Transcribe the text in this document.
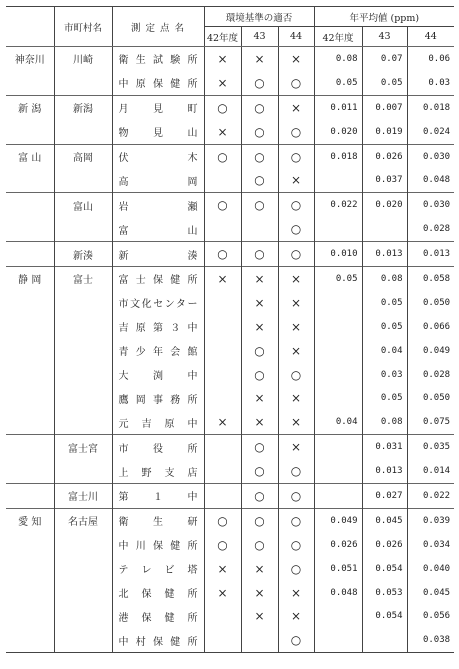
	市町村名	測 定 点 名	環境基準の適否			年平均値 (ppm)		
			42年度	43	44	42年度	43	44
神奈川	川崎	衛生試験所	×	×	×	0.08	0.07	0.06
		中原保健所	×	○	○	0.05	0.05	0.03
新 潟	新潟	月 見 町	○	○	×	0.011	0.007	0.018
		物 見 山	×	○	○	0.020	0.019	0.024
富 山	高岡	伏 木	○	○	○	0.018	0.026	0.030
		高 岡		○	×		0.037	0.048
	富山	岩 瀬	○	○	○	0.022	0.020	0.030
		富 山			○			0.028
	新湊	新 湊	○	○	○	0.010	0.013	0.013
静 岡	富士	富士保健所	×	×	×	0.05	0.08	0.058
		市文化センター		×	×		0.05	0.050
		吉原第３中		×	×		0.05	0.066
		青少年会館		○	×		0.04	0.049
		大 渕 中		○	○		0.03	0.028
		鷹岡事務所		×	×		0.05	0.050
		元 吉 原 中	×	×	×	0.04	0.08	0.075
	富士宮	市 役 所		○	×		0.031	0.035
		上 野 支 店		○	○		0.013	0.014
	富士川	第 １ 中		○	○		0.027	0.022
愛 知	名古屋	衛 生 研	○	○	○	0.049	0.045	0.039
		中川保健所	○	○	○	0.026	0.026	0.034
		テ レ ビ 塔	×	×	○	0.051	0.054	0.040
		北 保 健 所	×	×	×	0.048	0.053	0.045
		港 保 健 所		×	×		0.054	0.056
		中村保健所			○			0.038
